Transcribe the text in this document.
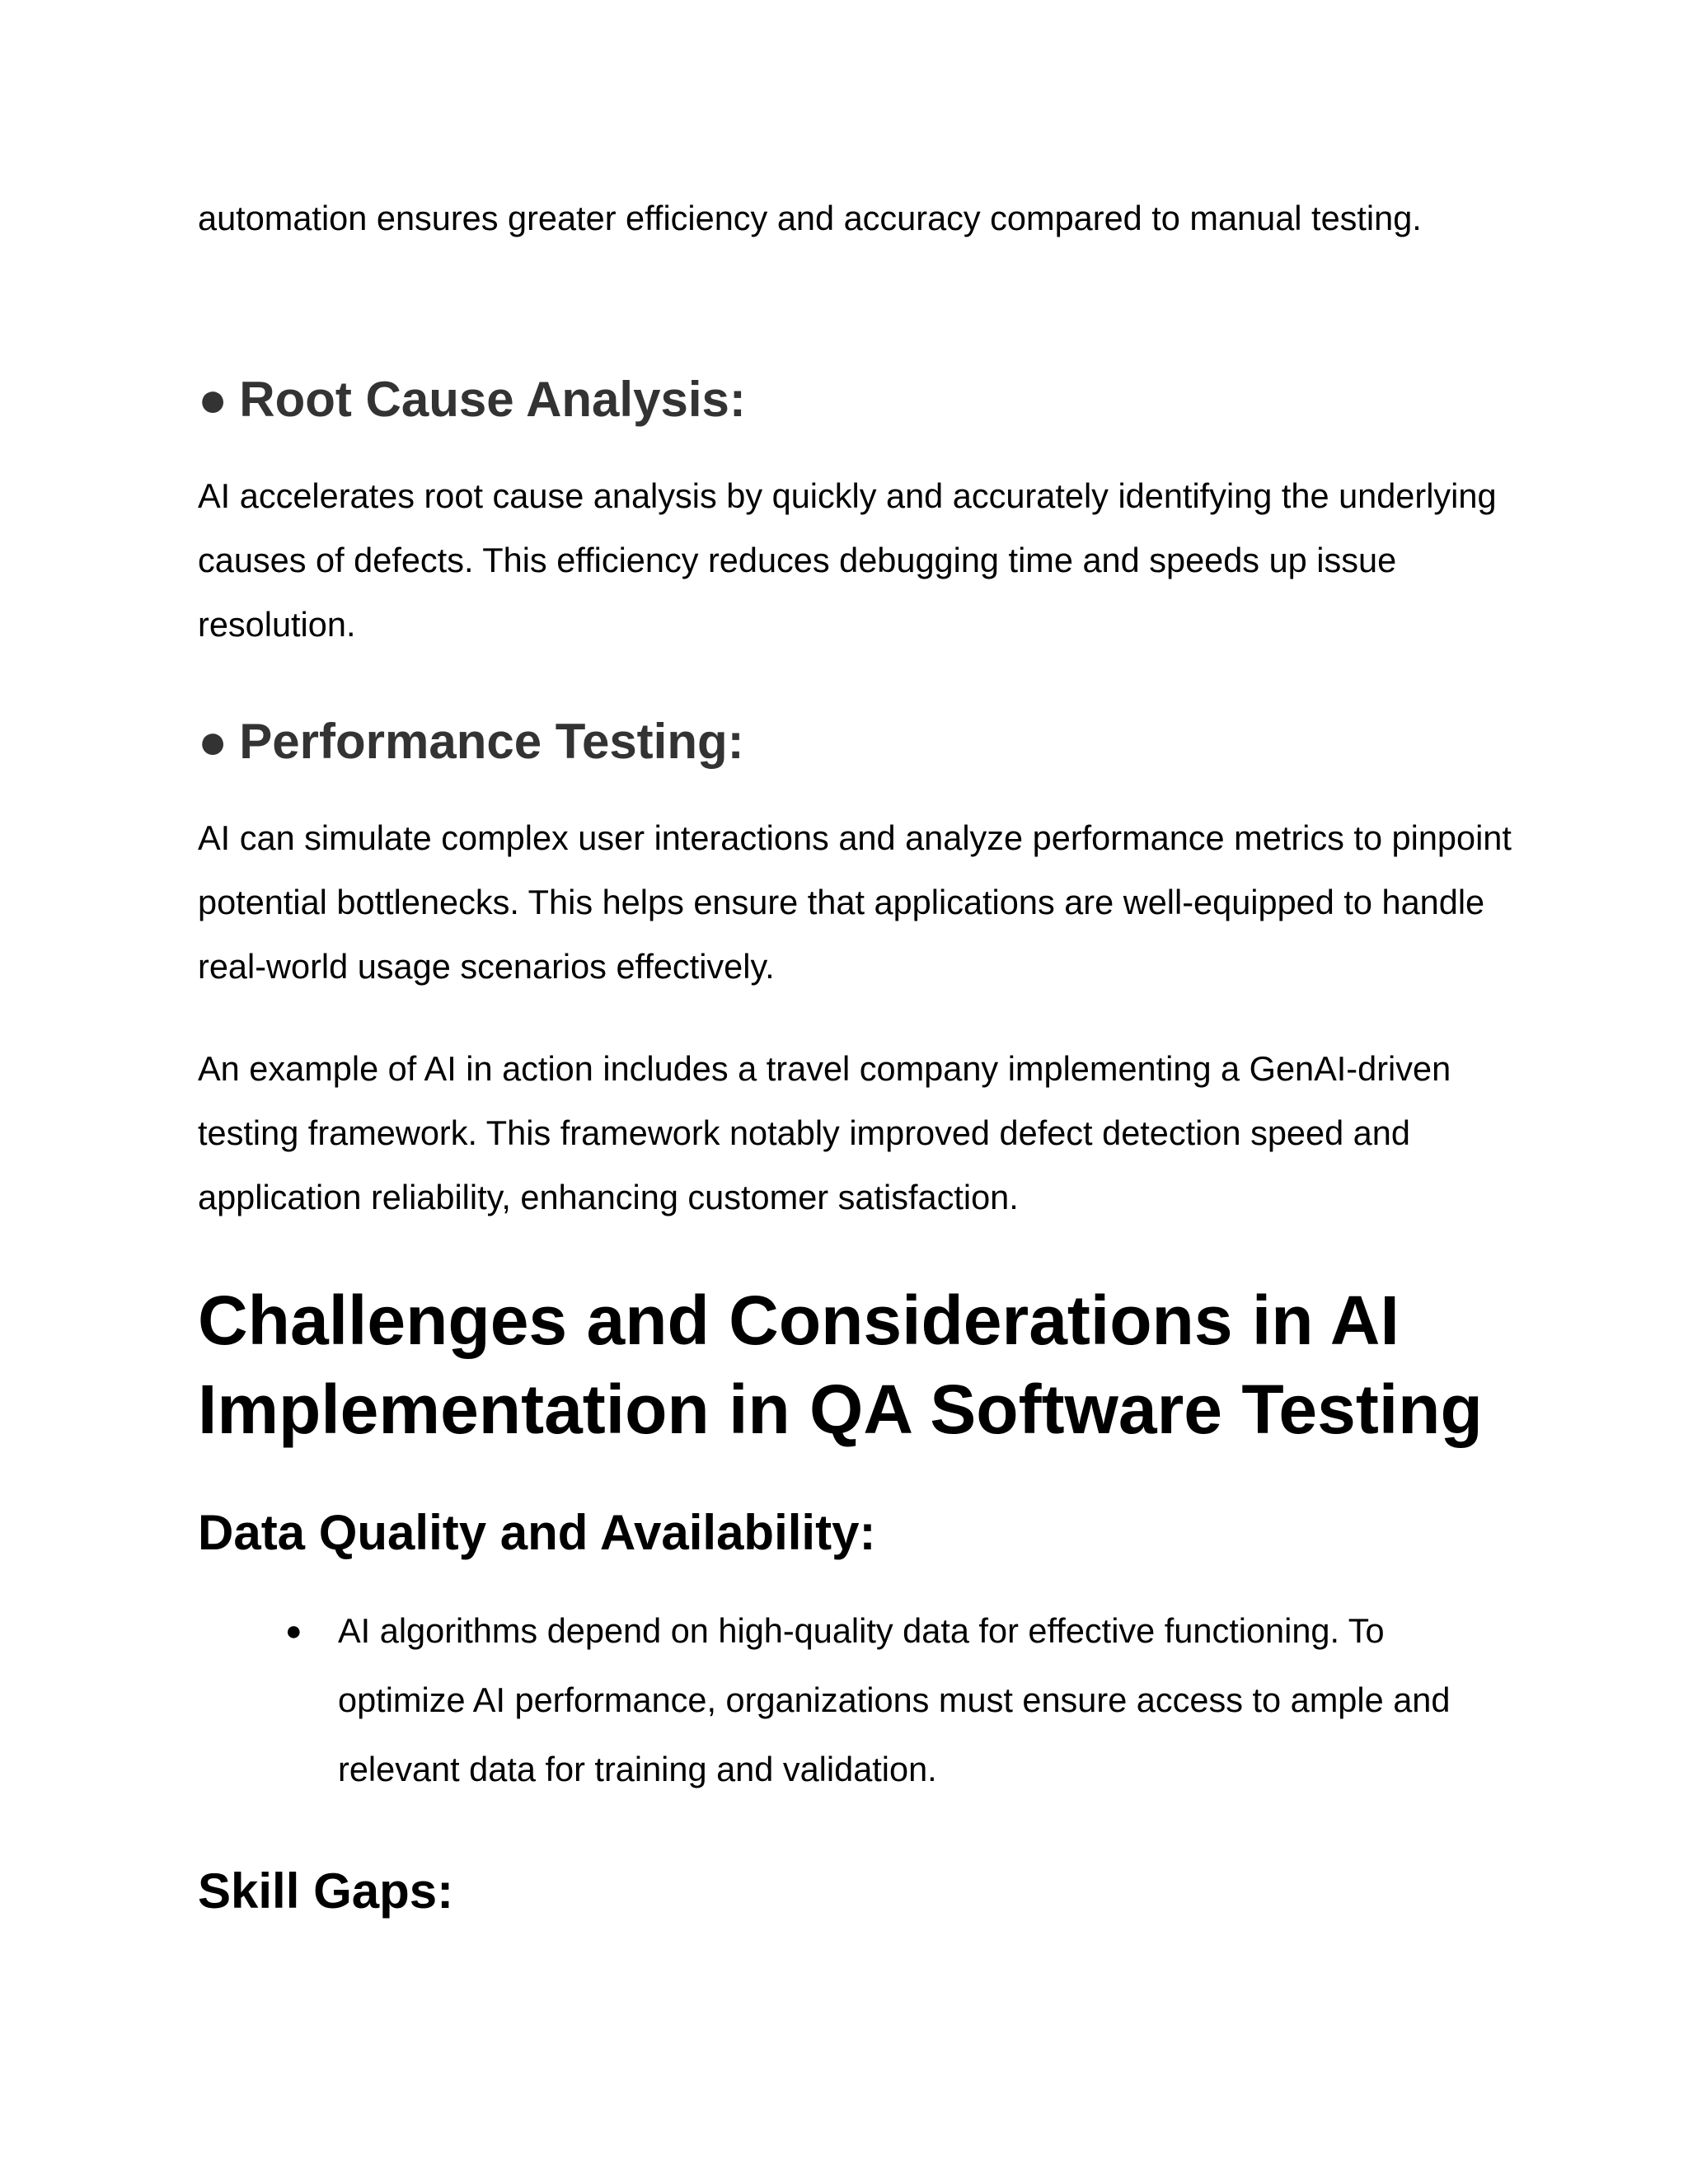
automation ensures greater efficiency and accuracy compared to manual testing.

● Root Cause Analysis:

AI accelerates root cause analysis by quickly and accurately identifying the underlying causes of defects. This efficiency reduces debugging time and speeds up issue resolution.

● Performance Testing:

AI can simulate complex user interactions and analyze performance metrics to pinpoint potential bottlenecks. This helps ensure that applications are well-equipped to handle real-world usage scenarios effectively.

An example of AI in action includes a travel company implementing a GenAI-driven testing framework. This framework notably improved defect detection speed and application reliability, enhancing customer satisfaction.

Challenges and Considerations in AI Implementation in QA Software Testing
Data Quality and Availability:
● AI algorithms depend on high-quality data for effective functioning. To optimize AI performance, organizations must ensure access to ample and relevant data for training and validation.
Skill Gaps:
